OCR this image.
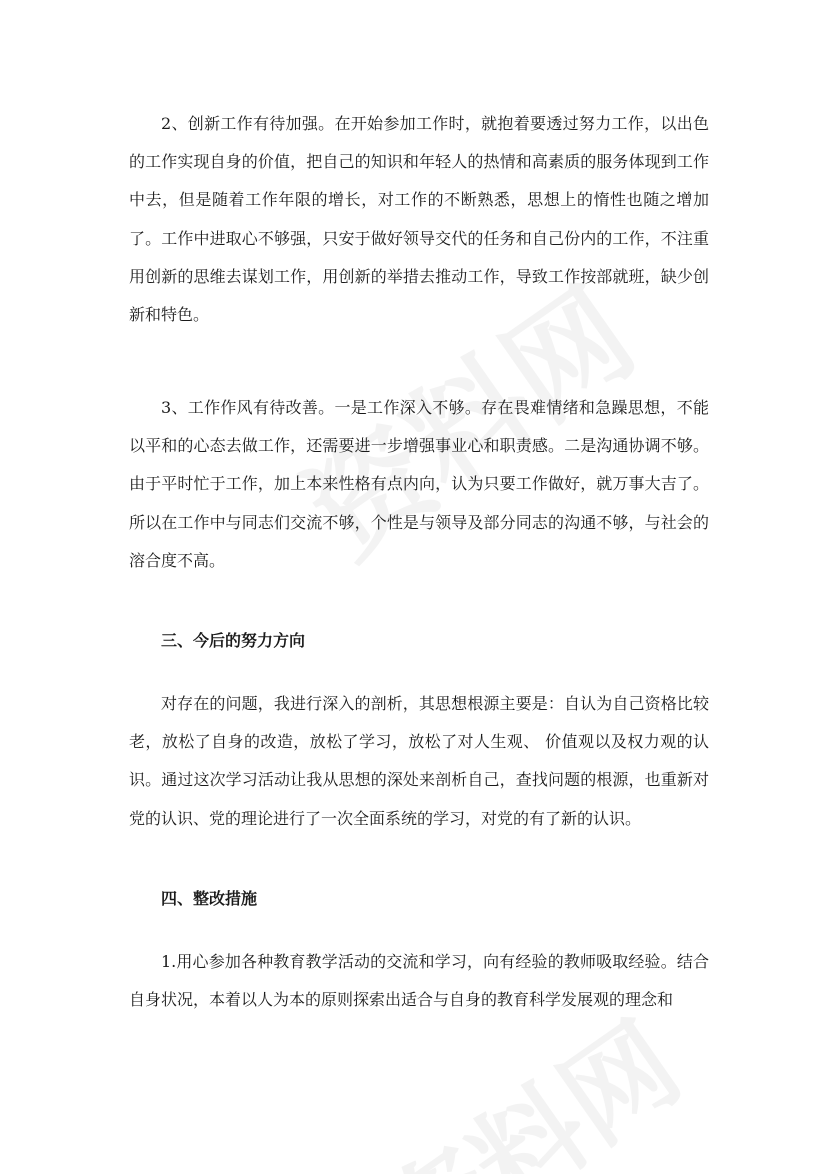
2、创新工作有待加强。在开始参加工作时，就抱着要透过努力工作，以出色的工作实现自身的价值，把自己的知识和年轻人的热情和高素质的服务体现到工作中去，但是随着工作年限的增长，对工作的不断熟悉，思想上的惰性也随之增加了。工作中进取心不够强，只安于做好领导交代的任务和自己份内的工作，不注重用创新的思维去谋划工作，用创新的举措去推动工作，导致工作按部就班，缺少创新和特色。

3、工作作风有待改善。一是工作深入不够。存在畏难情绪和急躁思想，不能以平和的心态去做工作，还需要进一步增强事业心和职责感。二是沟通协调不够。由于平时忙于工作，加上本来性格有点内向，认为只要工作做好，就万事大吉了。所以在工作中与同志们交流不够，个性是与领导及部分同志的沟通不够，与社会的溶合度不高。

三、今后的努力方向

对存在的问题，我进行深入的剖析，其思想根源主要是：自认为自己资格比较老，放松了自身的改造，放松了学习，放松了对人生观、 价值观以及权力观的认识。通过这次学习活动让我从思想的深处来剖析自己，查找问题的根源，也重新对党的认识、党的理论进行了一次全面系统的学习，对党的有了新的认识。

四、整改措施

1.用心参加各种教育教学活动的交流和学习，向有经验的教师吸取经验。结合自身状况，本着以人为本的原则探索出适合与自身的教育科学发展观的理念和
